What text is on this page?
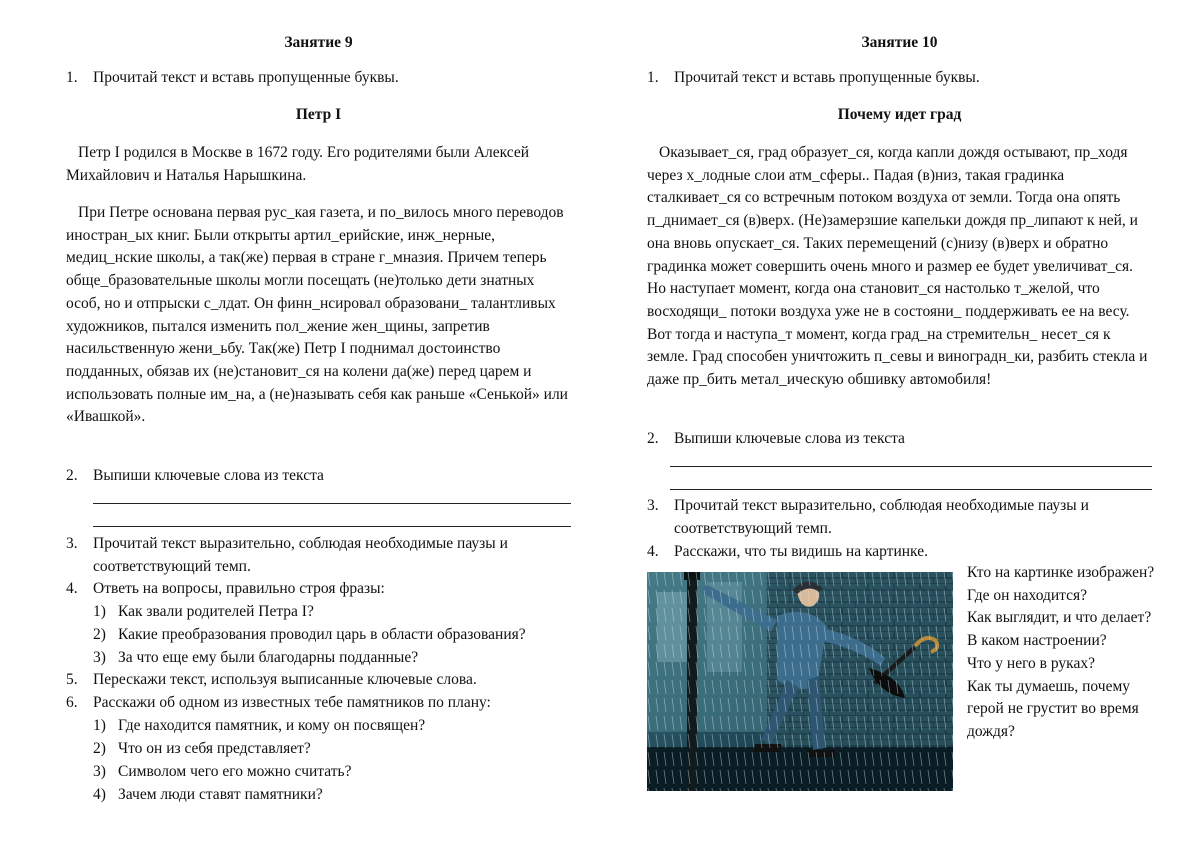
Занятие 9
1. Прочитай текст и вставь пропущенные буквы.
Петр I
Петр I родился в Москве в 1672 году. Его родителями были Алексей Михайлович и Наталья Нарышкина.
При Петре основана первая рус_кая газета, и по_вилось много переводов иностран_ых книг. Были открыты артил_ерийские, инж_нерные, медиц_нские школы, а так(же) первая в стране г_мназия. Причем теперь обще_бразовательные школы могли посещать (не)только дети знатных особ, но и отпрыски с_лдат. Он финн_нсировал образовани_ талантливых художников, пытался изменить пол_жение жен_щины, запретив насильственную жени_ьбу. Так(же) Петр I поднимал достоинство подданных, обязав их (не)становит_ся на колени да(же) перед царем и использовать полные им_на, а (не)называть себя как раньше «Сенькой» или «Ивашкой».
2. Выпиши ключевые слова из текста
3. Прочитай текст выразительно, соблюдая необходимые паузы и соответствующий темп.
4. Ответь на вопросы, правильно строя фразы:
1) Как звали родителей Петра I?
2) Какие преобразования проводил царь в области образования?
3) За что еще ему были благодарны подданные?
5. Перескажи текст, используя выписанные ключевые слова.
6. Расскажи об одном из известных тебе памятников по плану:
1) Где находится памятник, и кому он посвящен?
2) Что он из себя представляет?
3) Символом чего его можно считать?
4) Зачем люди ставят памятники?
Занятие 10
1. Прочитай текст и вставь пропущенные буквы.
Почему идет град
Оказывает_ся, град образует_ся, когда капли дождя остывают, пр_ходя через х_лодные слои атм_сферы.. Падая (в)низ, такая градинка сталкивает_ся со встречным потоком воздуха от земли. Тогда она опять п_днимает_ся (в)верх. (Не)замерзшие капельки дождя пр_липают к ней, и она вновь опускает_ся. Таких перемещений (с)низу (в)верх и обратно градинка может совершить очень много и размер ее будет увеличиват_ся. Но наступает момент, когда она становит_ся настолько т_желой, что восходящи_ потоки воздуха уже не в состояни_ поддерживать ее на весу. Вот тогда и наступа_т момент, когда град_на стремительн_ несет_ся к земле. Град способен уничтожить п_севы и виноградн_ки, разбить стекла и даже пр_бить метал_ическую обшивку автомобиля!
2. Выпиши ключевые слова из текста
3. Прочитай текст выразительно, соблюдая необходимые паузы и соответствующий темп.
4. Расскажи, что ты видишь на картинке.
Кто на картинке изображен?
Где он находится?
Как выглядит, и что делает?
В каком настроении?
Что у него в руках?
Как ты думаешь, почему герой не грустит во время дождя?
